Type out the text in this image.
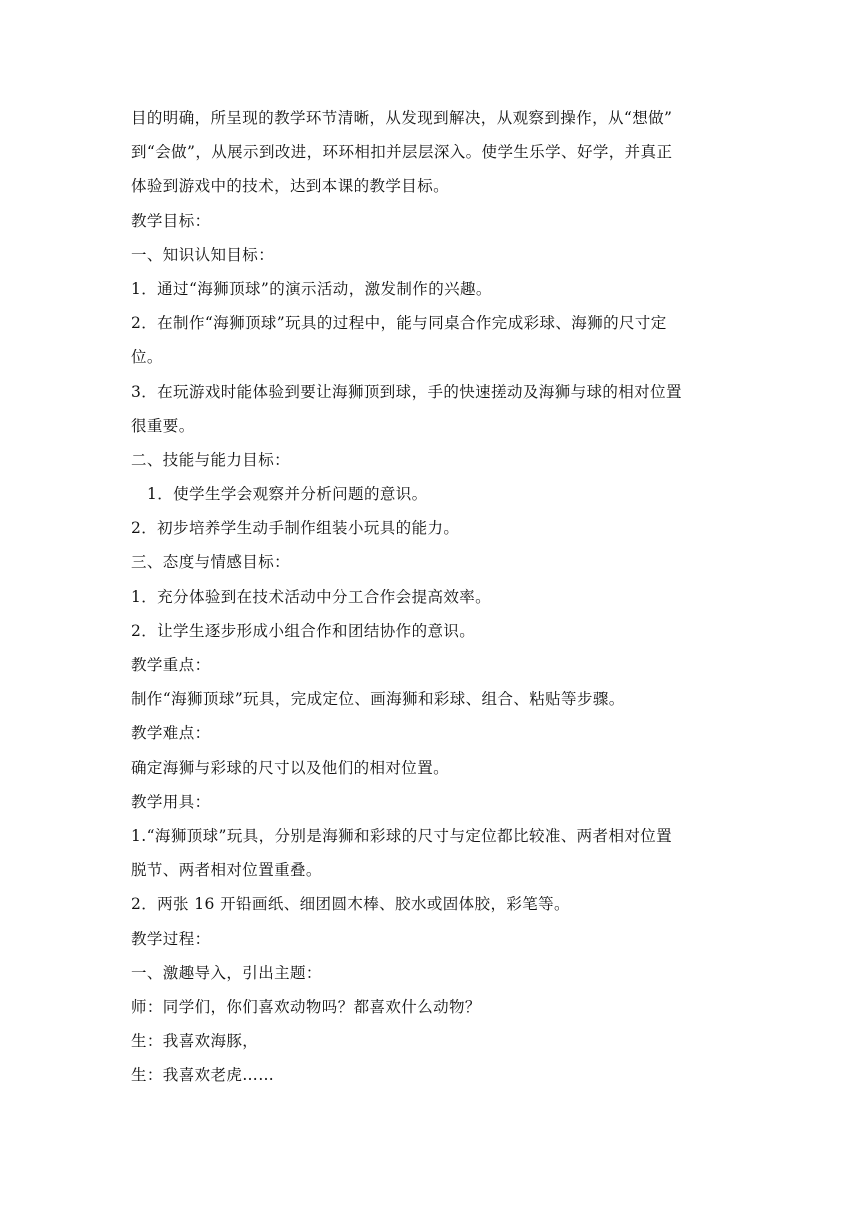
目的明确，所呈现的教学环节清晰，从发现到解决，从观察到操作，从“想做”
到“会做”，从展示到改进，环环相扣并层层深入。使学生乐学、好学，并真正
体验到游戏中的技术，达到本课的教学目标。
教学目标：
一、知识认知目标：
1．通过“海狮顶球”的演示活动，激发制作的兴趣。
2．在制作“海狮顶球”玩具的过程中，能与同桌合作完成彩球、海狮的尺寸定
位。
3．在玩游戏时能体验到要让海狮顶到球，手的快速搓动及海狮与球的相对位置
很重要。
二、技能与能力目标：
1．使学生学会观察并分析问题的意识。
2．初步培养学生动手制作组装小玩具的能力。
三、态度与情感目标：
1．充分体验到在技术活动中分工合作会提高效率。
2．让学生逐步形成小组合作和团结协作的意识。
教学重点：
制作“海狮顶球”玩具，完成定位、画海狮和彩球、组合、粘贴等步骤。
教学难点：
确定海狮与彩球的尺寸以及他们的相对位置。
教学用具：
1.“海狮顶球”玩具，分别是海狮和彩球的尺寸与定位都比较准、两者相对位置
脱节、两者相对位置重叠。
2．两张 16 开铅画纸、细团圆木棒、胶水或固体胶，彩笔等。
教学过程：
一、激趣导入，引出主题：
师：同学们，你们喜欢动物吗？都喜欢什么动物？
生：我喜欢海豚，
生：我喜欢老虎……
